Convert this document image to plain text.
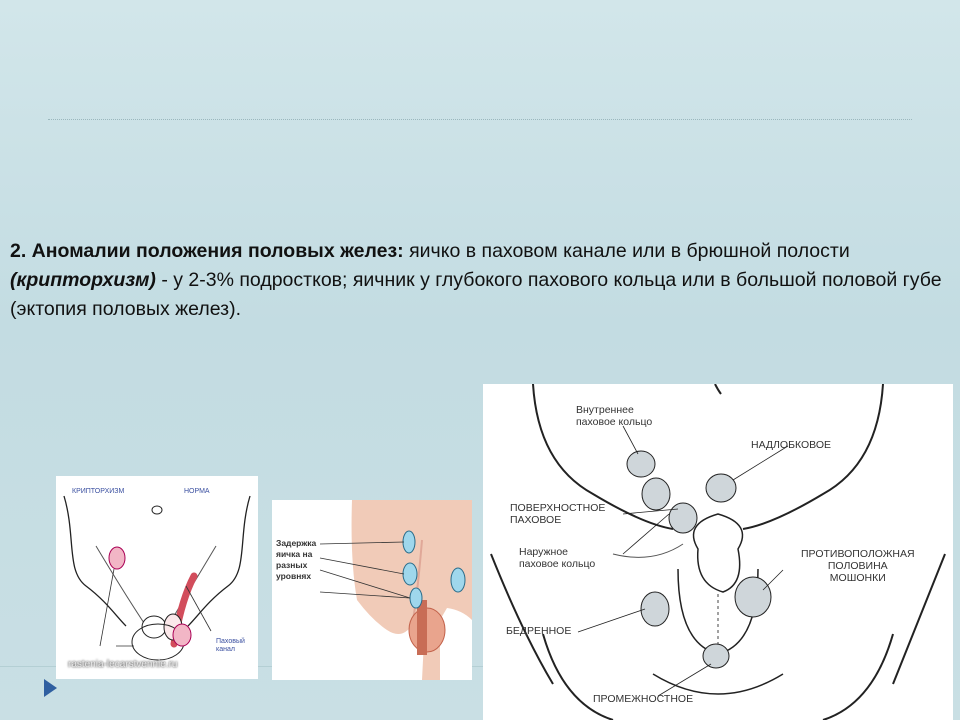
2. Аномалии положения половых желез: яичко в паховом канале или в брюшной полости (крипторхизм) - у 2-3% подростков; яичник у глубокого пахового кольца или в большой половой губе (эктопия половых желез).
КРИПТОРХИЗМ	НОРМА
Паховый
канал
rastenia-lecarstvennie.ru
Задержка
яичка на
разных
уровнях
Внутреннее
паховое кольцо
НАДЛОБКОВОЕ
ПОВЕРХНОСТНОЕ
ПАХОВОЕ
Наружное
паховое кольцо
ПРОТИВОПОЛОЖНАЯ
ПОЛОВИНА
МОШОНКИ
БЕДРЕННОЕ
ПРОМЕЖНОСТНОЕ
